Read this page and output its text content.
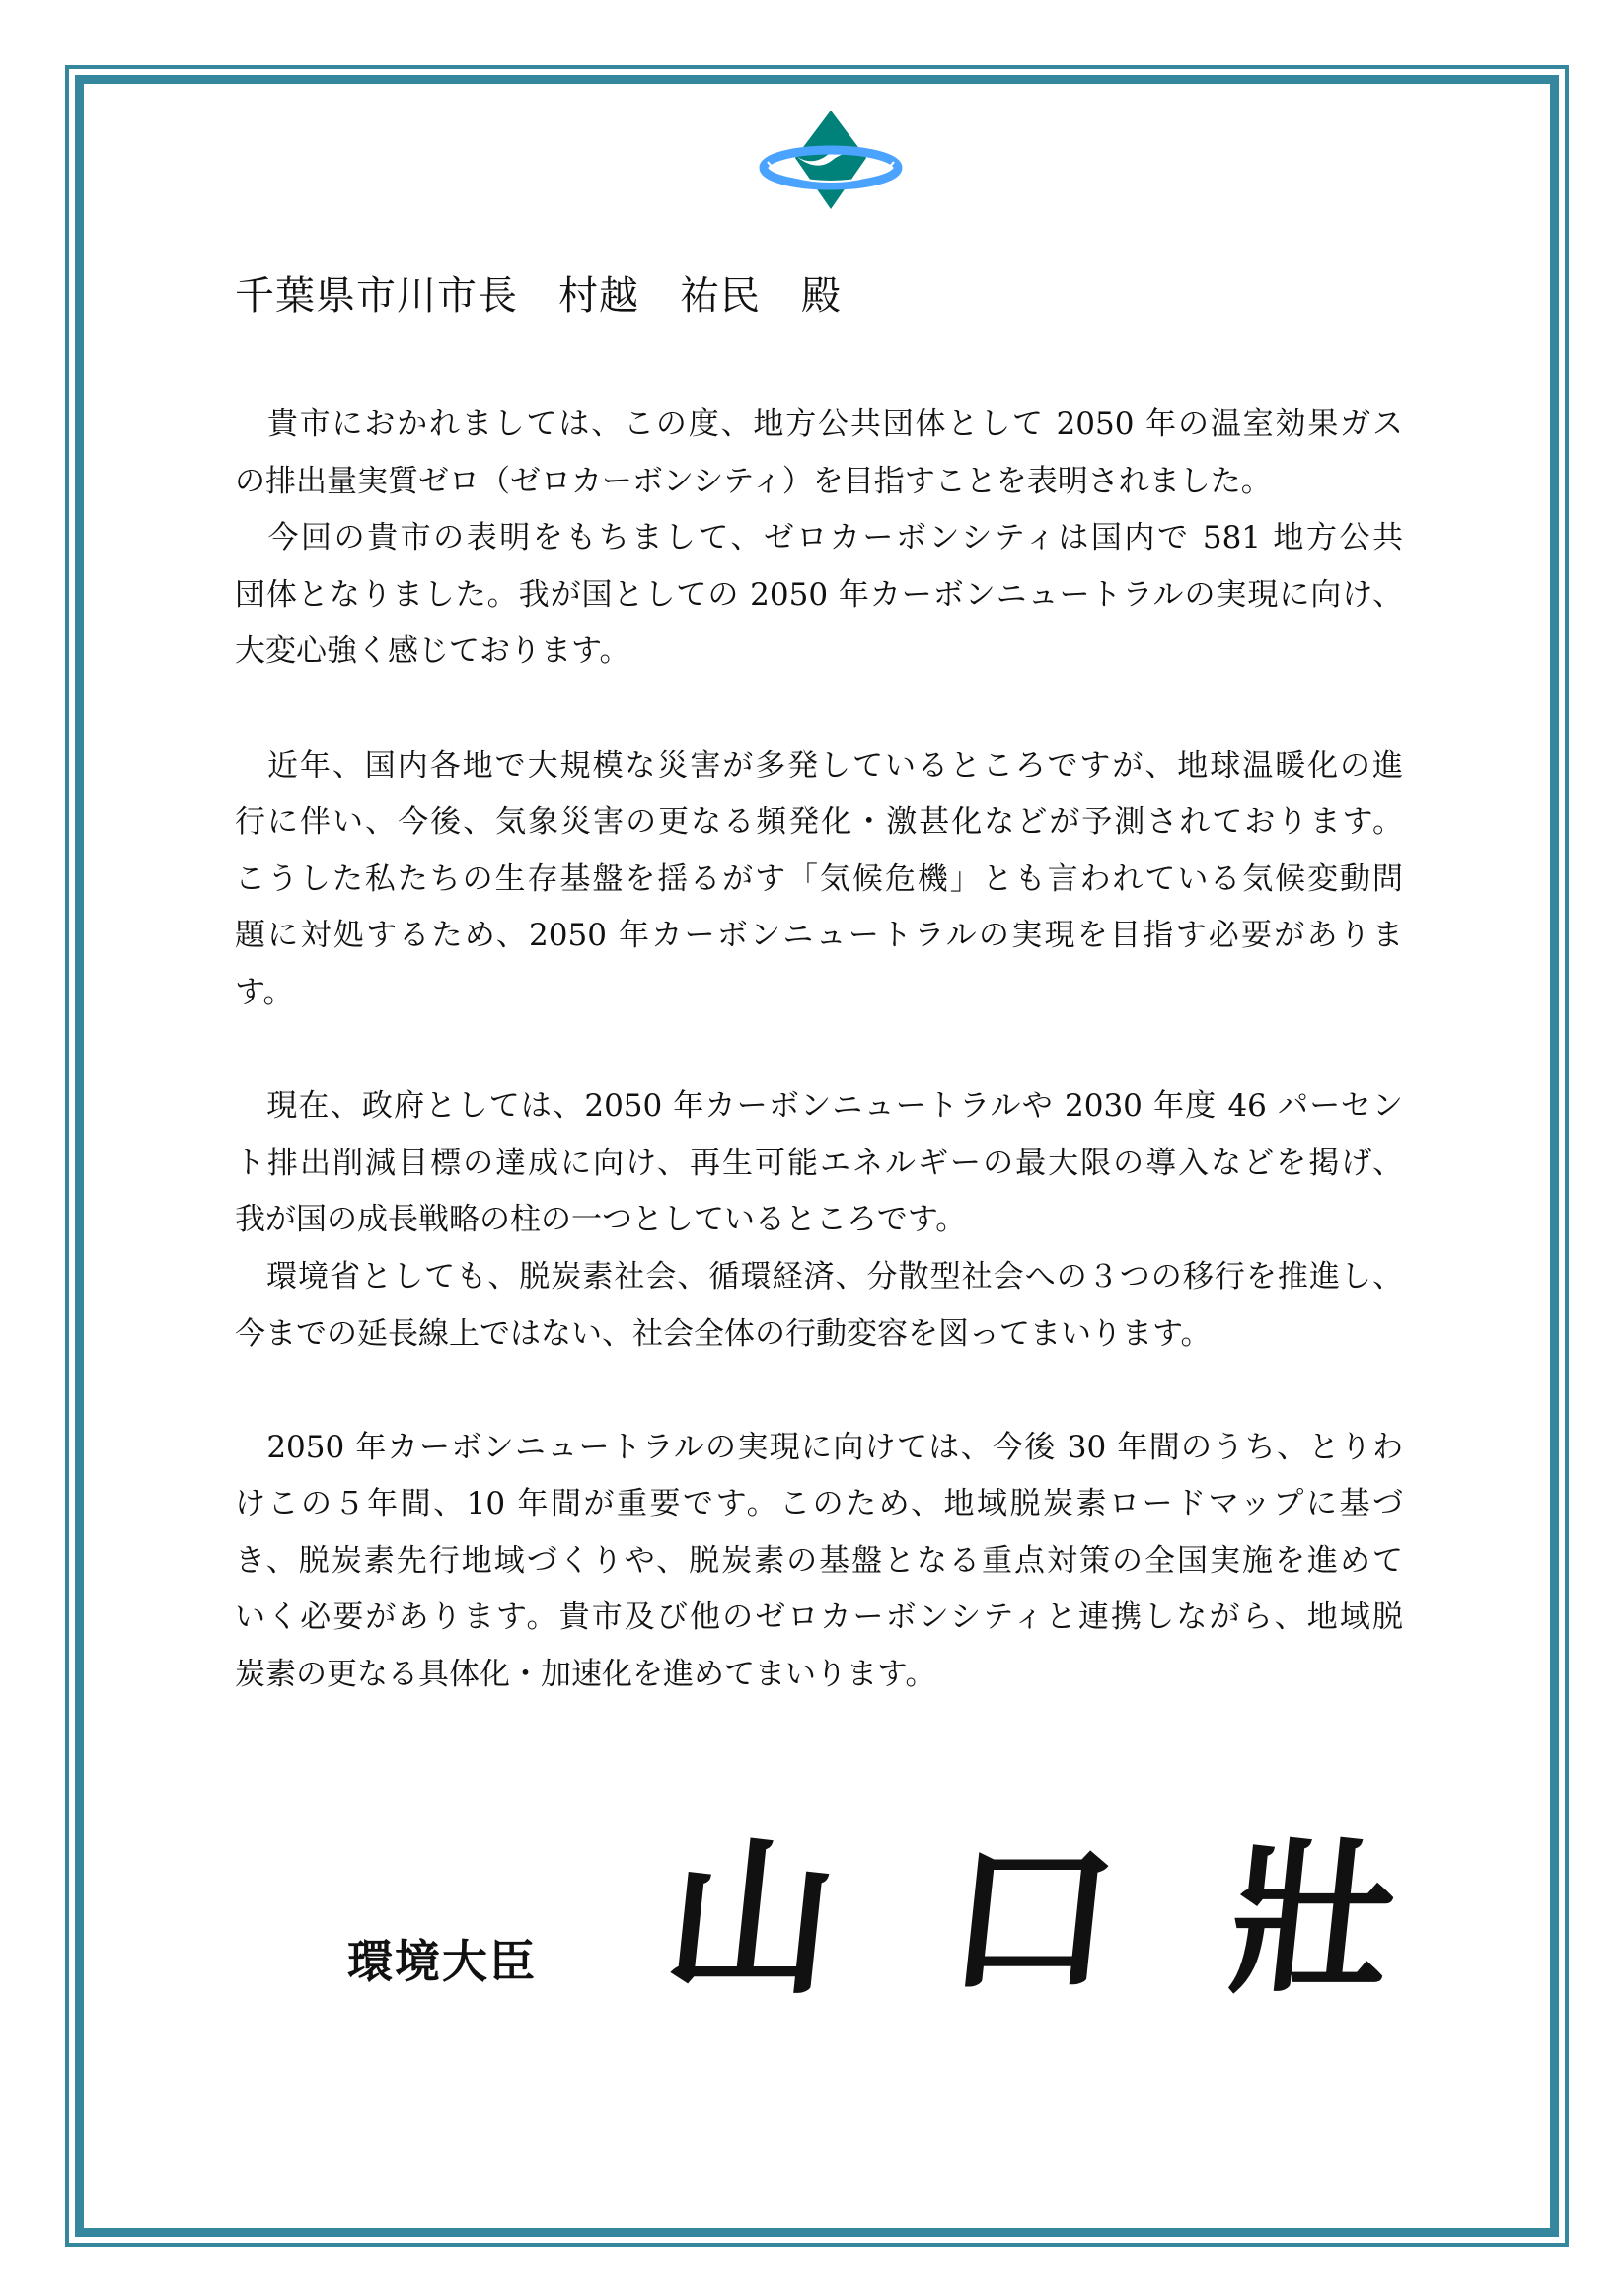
千葉県市川市長　村越　祐民　殿
　貴市におかれましては、この度、地方公共団体として 2050 年の温室効果ガス
の排出量実質ゼロ（ゼロカーボンシティ）を目指すことを表明されました。
　今回の貴市の表明をもちまして、ゼロカーボンシティは国内で 581 地方公共
団体となりました。我が国としての 2050 年カーボンニュートラルの実現に向け、
大変心強く感じております。
　近年、国内各地で大規模な災害が多発しているところですが、地球温暖化の進
行に伴い、今後、気象災害の更なる頻発化・激甚化などが予測されております。
こうした私たちの生存基盤を揺るがす「気候危機」とも言われている気候変動問
題に対処するため、2050 年カーボンニュートラルの実現を目指す必要がありま
す。
　現在、政府としては、2050 年カーボンニュートラルや 2030 年度 46 パーセン
ト排出削減目標の達成に向け、再生可能エネルギーの最大限の導入などを掲げ、
我が国の成長戦略の柱の一つとしているところです。
　環境省としても、脱炭素社会、循環経済、分散型社会への３つの移行を推進し、
今までの延長線上ではない、社会全体の行動変容を図ってまいります。
　2050 年カーボンニュートラルの実現に向けては、今後 30 年間のうち、とりわ
けこの５年間、10 年間が重要です。このため、地域脱炭素ロードマップに基づ
き、脱炭素先行地域づくりや、脱炭素の基盤となる重点対策の全国実施を進めて
いく必要があります。貴市及び他のゼロカーボンシティと連携しながら、地域脱
炭素の更なる具体化・加速化を進めてまいります。
環境大臣 山 口 壯
